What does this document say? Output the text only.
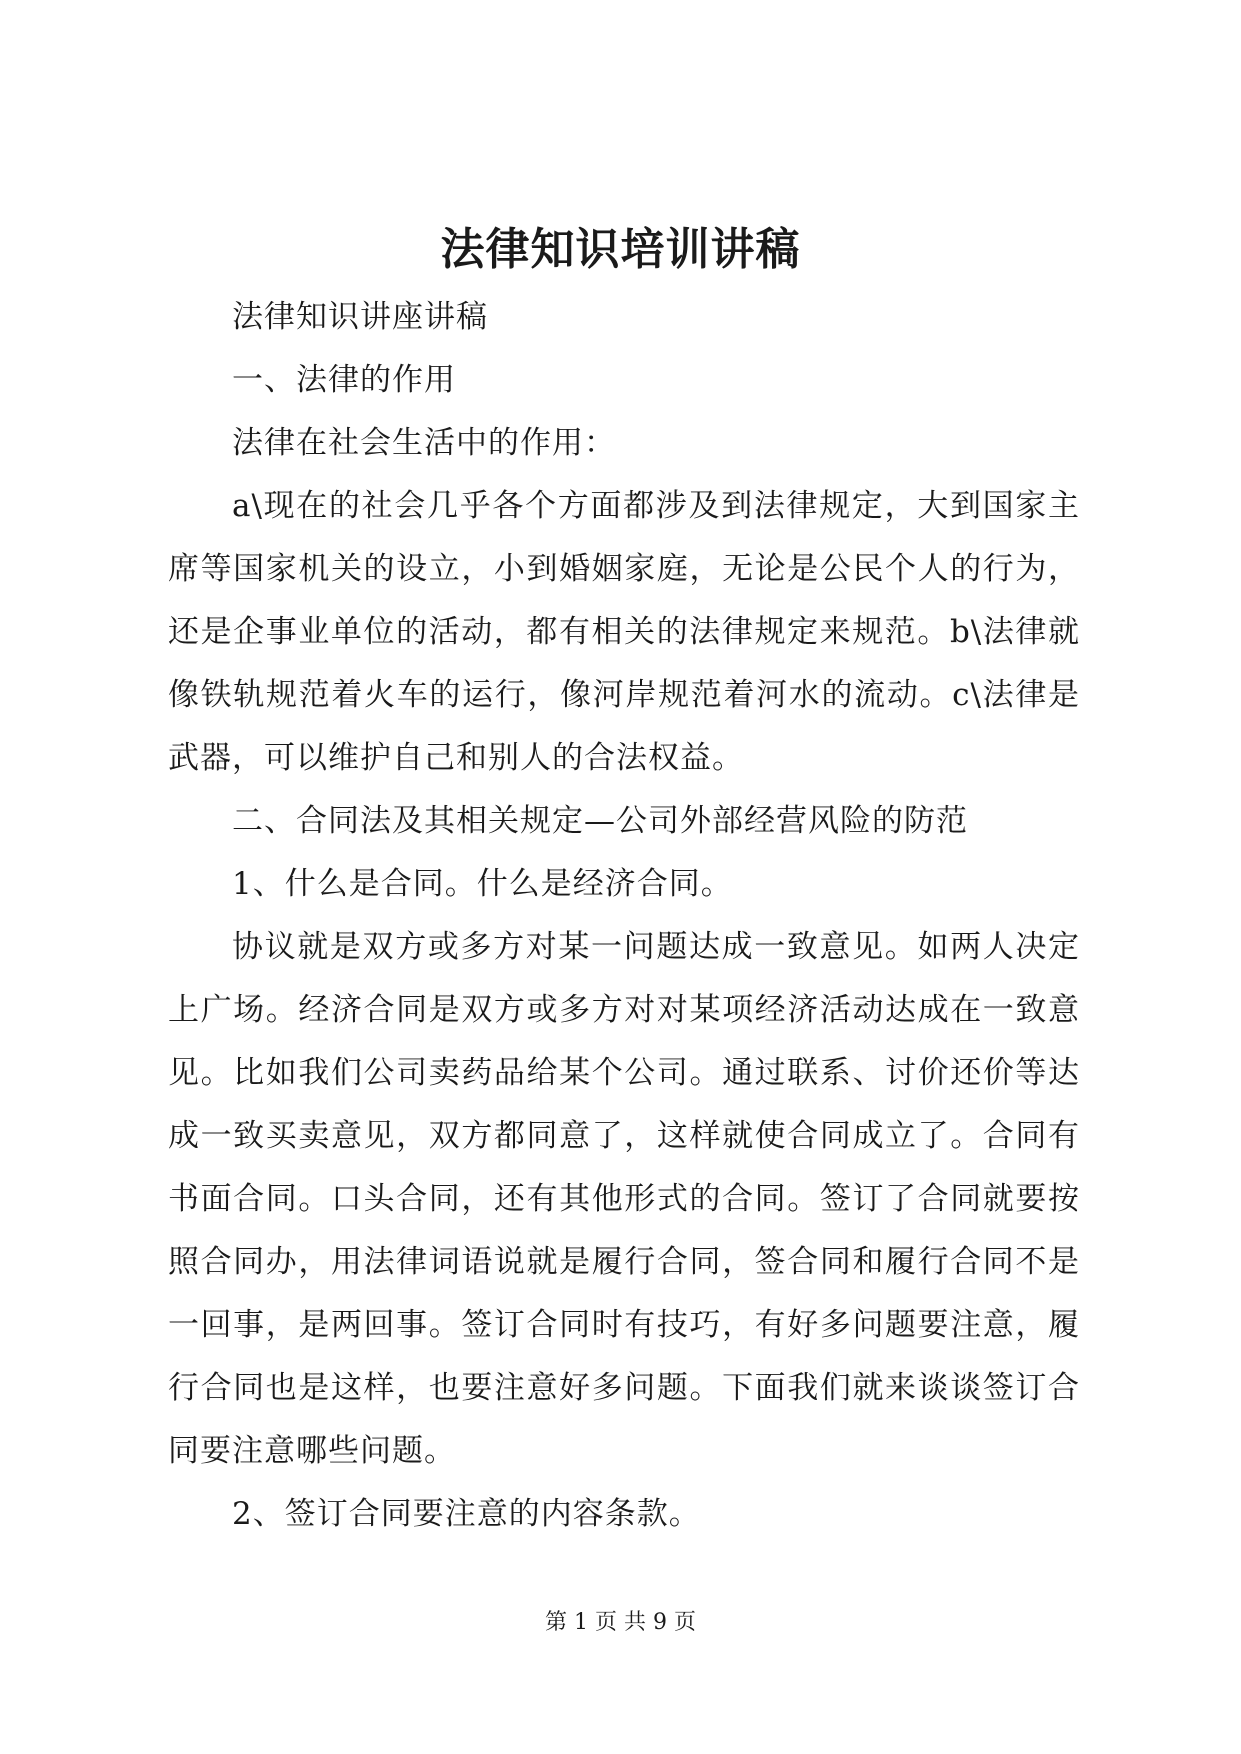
法律知识培训讲稿

法律知识讲座讲稿

一、法律的作用

法律在社会生活中的作用：

a\现在的社会几乎各个方面都涉及到法律规定，大到国家主席等国家机关的设立，小到婚姻家庭，无论是公民个人的行为，还是企事业单位的活动，都有相关的法律规定来规范。b\法律就像铁轨规范着火车的运行，像河岸规范着河水的流动。c\法律是武器，可以维护自己和别人的合法权益。

二、合同法及其相关规定—公司外部经营风险的防范

1、什么是合同。什么是经济合同。

协议就是双方或多方对某一问题达成一致意见。如两人决定上广场。经济合同是双方或多方对对某项经济活动达成在一致意见。比如我们公司卖药品给某个公司。通过联系、讨价还价等达成一致买卖意见，双方都同意了，这样就使合同成立了。合同有书面合同。口头合同，还有其他形式的合同。签订了合同就要按照合同办，用法律词语说就是履行合同，签合同和履行合同不是一回事，是两回事。签订合同时有技巧，有好多问题要注意，履行合同也是这样，也要注意好多问题。下面我们就来谈谈签订合同要注意哪些问题。

2、签订合同要注意的内容条款。

第 1 页 共 9 页
